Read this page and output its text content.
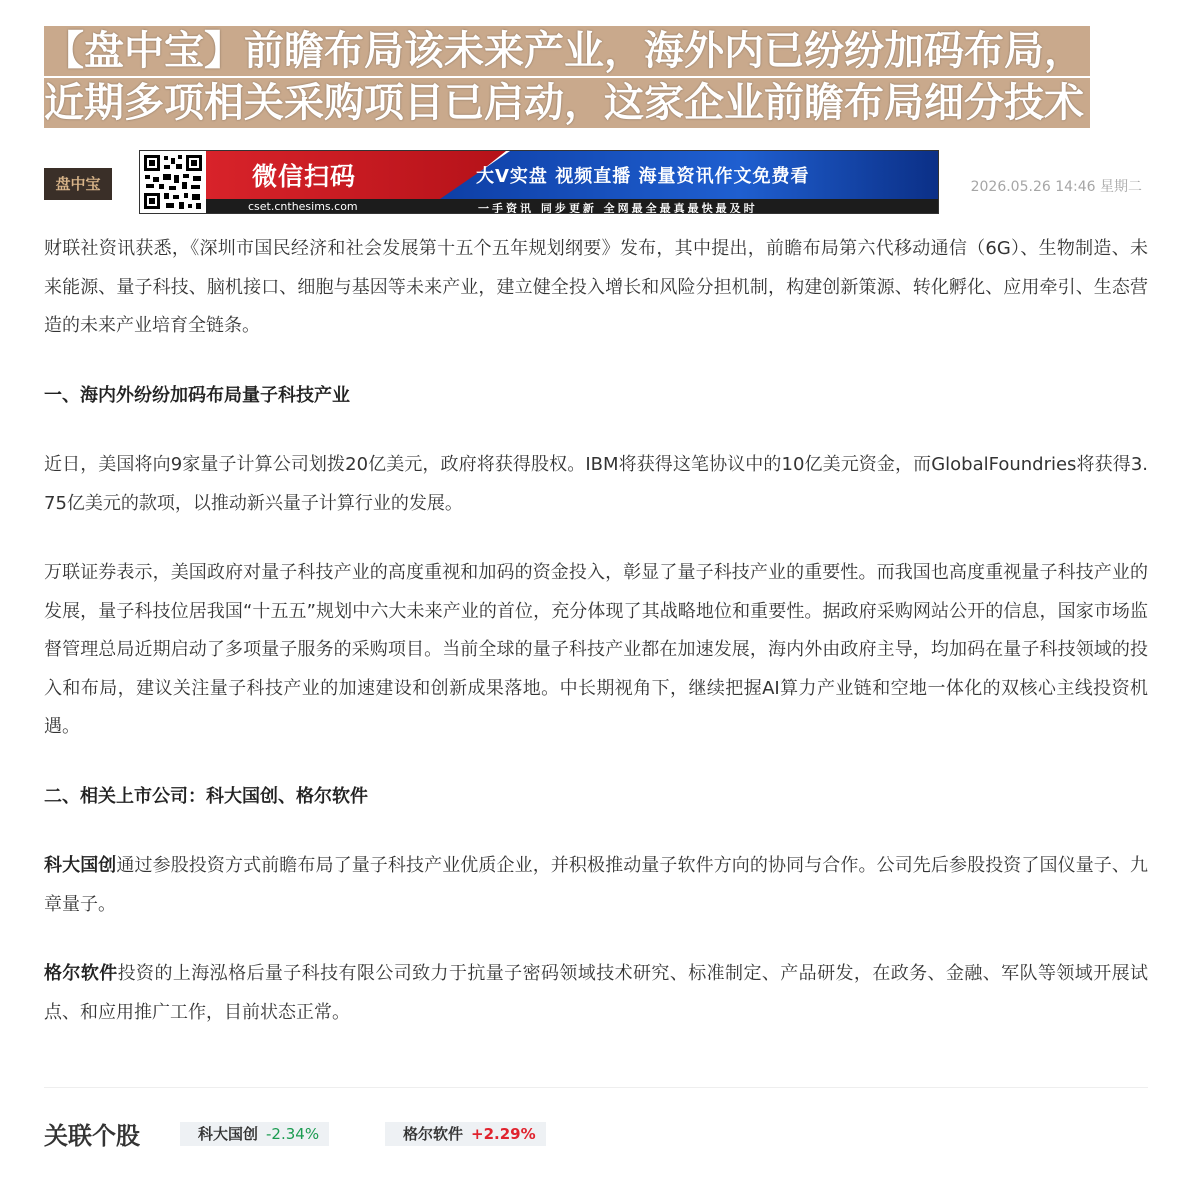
【盘中宝】前瞻布局该未来产业，海外内已纷纷加码布局，
近期多项相关采购项目已启动，这家企业前瞻布局细分技术
盘中宝	微信扫码	大V实盘 视频直播 海量资讯作文免费看
cset.cnthesims.com	一手资讯 同步更新 全网最全最真最快最及时
2026.05.26 14:46 星期二

财联社资讯获悉，《深圳市国民经济和社会发展第十五个五年规划纲要》发布，其中提出，前瞻布局第六代移动通信（6G）、生物制造、未来能源、量子科技、脑机接口、细胞与基因等未来产业，建立健全投入增长和风险分担机制，构建创新策源、转化孵化、应用牵引、生态营造的未来产业培育全链条。

一、海内外纷纷加码布局量子科技产业

近日，美国将向9家量子计算公司划拨20亿美元，政府将获得股权。IBM将获得这笔协议中的10亿美元资金，而GlobalFoundries将获得3.75亿美元的款项，以推动新兴量子计算行业的发展。

万联证券表示，美国政府对量子科技产业的高度重视和加码的资金投入，彰显了量子科技产业的重要性。而我国也高度重视量子科技产业的发展，量子科技位居我国“十五五”规划中六大未来产业的首位，充分体现了其战略地位和重要性。据政府采购网站公开的信息，国家市场监督管理总局近期启动了多项量子服务的采购项目。当前全球的量子科技产业都在加速发展，海内外由政府主导，均加码在量子科技领域的投入和布局，建议关注量子科技产业的加速建设和创新成果落地。中长期视角下，继续把握AI算力产业链和空地一体化的双核心主线投资机遇。

二、相关上市公司：科大国创、格尔软件

科大国创通过参股投资方式前瞻布局了量子科技产业优质企业，并积极推动量子软件方向的协同与合作。公司先后参股投资了国仪量子、九章量子。

格尔软件投资的上海泓格后量子科技有限公司致力于抗量子密码领域技术研究、标准制定、产品研发，在政务、金融、军队等领域开展试点、和应用推广工作，目前状态正常。

关联个股	科大国创 -2.34%	格尔软件 +2.29%
